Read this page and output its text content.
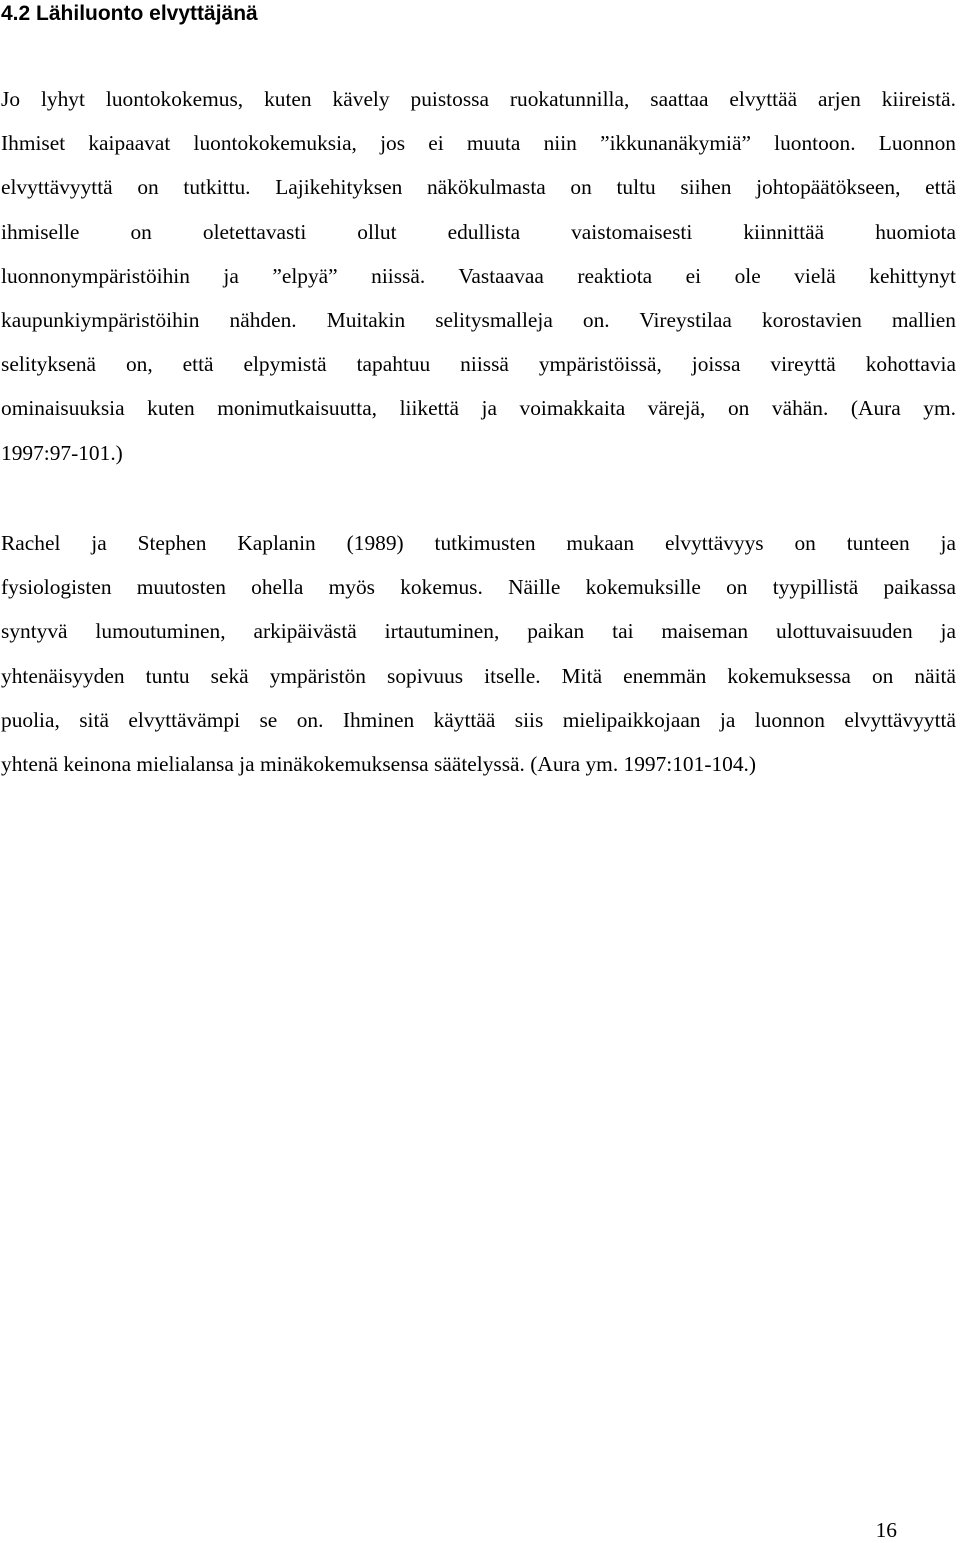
4.2 Lähiluonto elvyttäjänä

Jo lyhyt luontokokemus, kuten kävely puistossa ruokatunnilla, saattaa elvyttää arjen kiireistä.
Ihmiset kaipaavat luontokokemuksia, jos ei muuta niin ”ikkunanäkymiä” luontoon. Luonnon
elvyttävyyttä on tutkittu. Lajikehityksen näkökulmasta on tultu siihen johtopäätökseen, että
ihmiselle on oletettavasti ollut edullista vaistomaisesti kiinnittää huomiota
luonnonympäristöihin ja ”elpyä” niissä. Vastaavaa reaktiota ei ole vielä kehittynyt
kaupunkiympäristöihin nähden. Muitakin selitysmalleja on. Vireystilaa korostavien mallien
selityksenä on, että elpymistä tapahtuu niissä ympäristöissä, joissa vireyttä kohottavia
ominaisuuksia kuten monimutkaisuutta, liikettä ja voimakkaita värejä, on vähän. (Aura ym.
1997:97-101.)

Rachel ja Stephen Kaplanin (1989) tutkimusten mukaan elvyttävyys on tunteen ja
fysiologisten muutosten ohella myös kokemus. Näille kokemuksille on tyypillistä paikassa
syntyvä lumoutuminen, arkipäivästä irtautuminen, paikan tai maiseman ulottuvaisuuden ja
yhtenäisyyden tuntu sekä ympäristön sopivuus itselle. Mitä enemmän kokemuksessa on näitä
puolia, sitä elvyttävämpi se on. Ihminen käyttää siis mielipaikkojaan ja luonnon elvyttävyyttä
yhtenä keinona mielialansa ja minäkokemuksensa säätelyssä. (Aura ym. 1997:101-104.)

16
